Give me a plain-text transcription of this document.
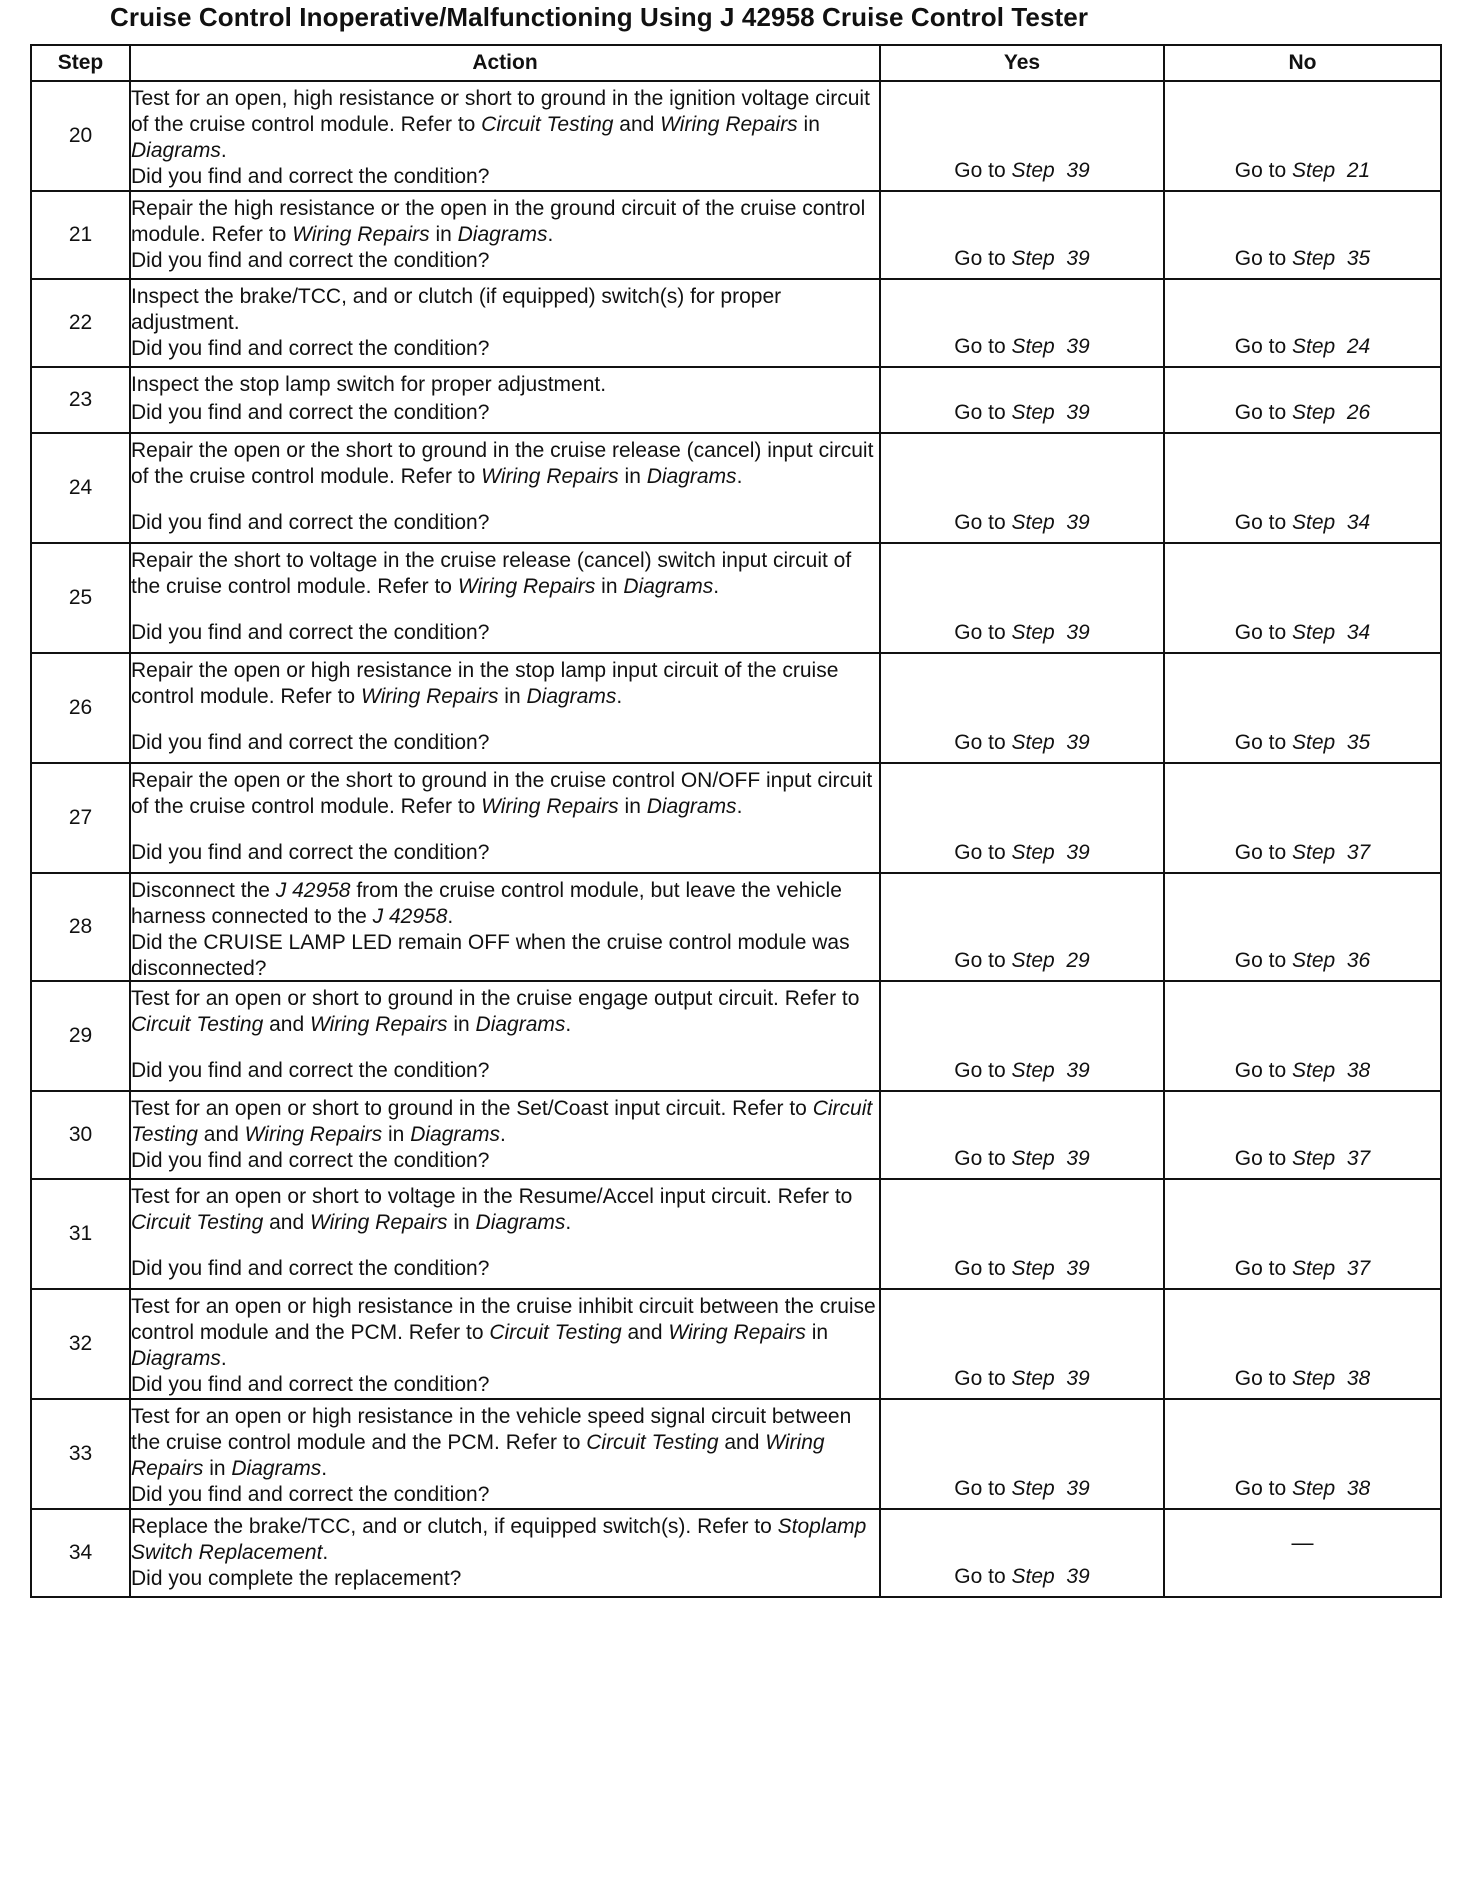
Cruise Control Inoperative/Malfunctioning Using J 42958 Cruise Control Tester
Step	Action	Yes	No
20	Test for an open, high resistance or short to ground in the ignition voltage circuit of the cruise control module. Refer to Circuit Testing and Wiring Repairs in Diagrams.

Did you find and correct the condition?	Go to Step  39	Go to Step  21
21	Repair the high resistance or the open in the ground circuit of the cruise control module. Refer to Wiring Repairs in Diagrams.

Did you find and correct the condition?	Go to Step  39	Go to Step  35
22	Inspect the brake/TCC, and or clutch (if equipped) switch(s) for proper adjustment.

Did you find and correct the condition?	Go to Step  39	Go to Step  24
23	Inspect the stop lamp switch for proper adjustment.

Did you find and correct the condition?	Go to Step  39	Go to Step  26
24	Repair the open or the short to ground in the cruise release (cancel) input circuit of the cruise control module. Refer to Wiring Repairs in Diagrams.

Did you find and correct the condition?	Go to Step  39	Go to Step  34
25	Repair the short to voltage in the cruise release (cancel) switch input circuit of the cruise control module. Refer to Wiring Repairs in Diagrams.

Did you find and correct the condition?	Go to Step  39	Go to Step  34
26	Repair the open or high resistance in the stop lamp input circuit of the cruise control module. Refer to Wiring Repairs in Diagrams.

Did you find and correct the condition?	Go to Step  39	Go to Step  35
27	Repair the open or the short to ground in the cruise control ON/OFF input circuit of the cruise control module. Refer to Wiring Repairs in Diagrams.

Did you find and correct the condition?	Go to Step  39	Go to Step  37
28	Disconnect the J 42958 from the cruise control module, but leave the vehicle harness connected to the J 42958.

Did the CRUISE LAMP LED remain OFF when the cruise control module was disconnected?	Go to Step  29	Go to Step  36
29	Test for an open or short to ground in the cruise engage output circuit. Refer to Circuit Testing and Wiring Repairs in Diagrams.

Did you find and correct the condition?	Go to Step  39	Go to Step  38
30	Test for an open or short to ground in the Set/Coast input circuit. Refer to Circuit Testing and Wiring Repairs in Diagrams.

Did you find and correct the condition?	Go to Step  39	Go to Step  37
31	Test for an open or short to voltage in the Resume/Accel input circuit. Refer to Circuit Testing and Wiring Repairs in Diagrams.

Did you find and correct the condition?	Go to Step  39	Go to Step  37
32	Test for an open or high resistance in the cruise inhibit circuit between the cruise control module and the PCM. Refer to Circuit Testing and Wiring Repairs in Diagrams.

Did you find and correct the condition?	Go to Step  39	Go to Step  38
33	Test for an open or high resistance in the vehicle speed signal circuit between the cruise control module and the PCM. Refer to Circuit Testing and Wiring Repairs in Diagrams.

Did you find and correct the condition?	Go to Step  39	Go to Step  38
34	Replace the brake/TCC, and or clutch, if equipped switch(s). Refer to Stoplamp Switch Replacement.

Did you complete the replacement?	Go to Step  39	—
